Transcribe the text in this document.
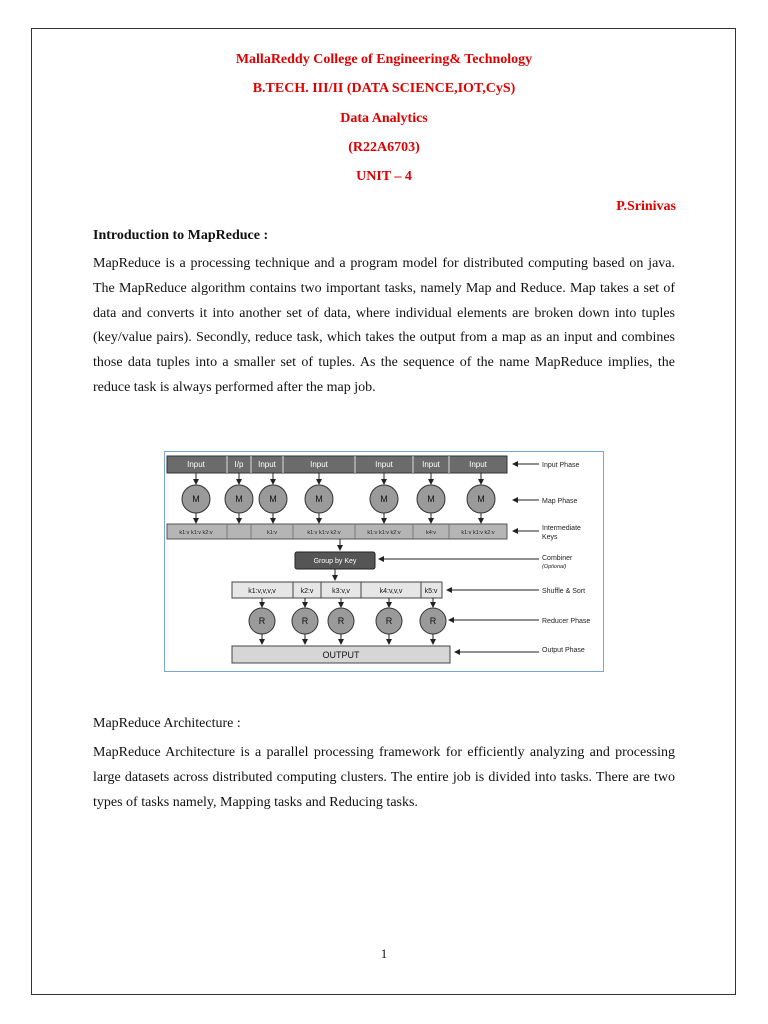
MallaReddy College of Engineering& Technology
B.TECH. III/II (DATA SCIENCE,IOT,CyS)
Data Analytics
(R22A6703)
UNIT – 4
P.Srinivas
Introduction to MapReduce :
MapReduce is a processing technique and a program model for distributed computing based on java. The MapReduce algorithm contains two important tasks, namely Map and Reduce. Map takes a set of data and converts it into another set of data, where individual elements are broken down into tuples (key/value pairs). Secondly, reduce task, which takes the output from a map as an input and combines those data tuples into a smaller set of tuples. As the sequence of the name MapReduce implies, the reduce task is always performed after the map job.
Input	I/p Input	Input	Input	Input	Input
M	M	M	M	M	M	M
k1:v k1:v k2:v	k1:v	k1:v k1:v k2:v	k1:v k1:v k2:v	k4:v	k1:v k1:v k2:v
Group by Key
k1:v,v,v,v	k2:v	k3:v,v	k4:v,v,v	k5:v
R	R	R	R	R
OUTPUT
Input Phase
Map Phase
Intermediate
Keys
Combiner
(Optional)
Shuffle & Sort
Reducer Phase
Output Phase
MapReduce Architecture :
MapReduce Architecture is a parallel processing framework for efficiently analyzing and processing large datasets across distributed computing clusters. The entire job is divided into tasks. There are two types of tasks namely, Mapping tasks and Reducing tasks.
1
